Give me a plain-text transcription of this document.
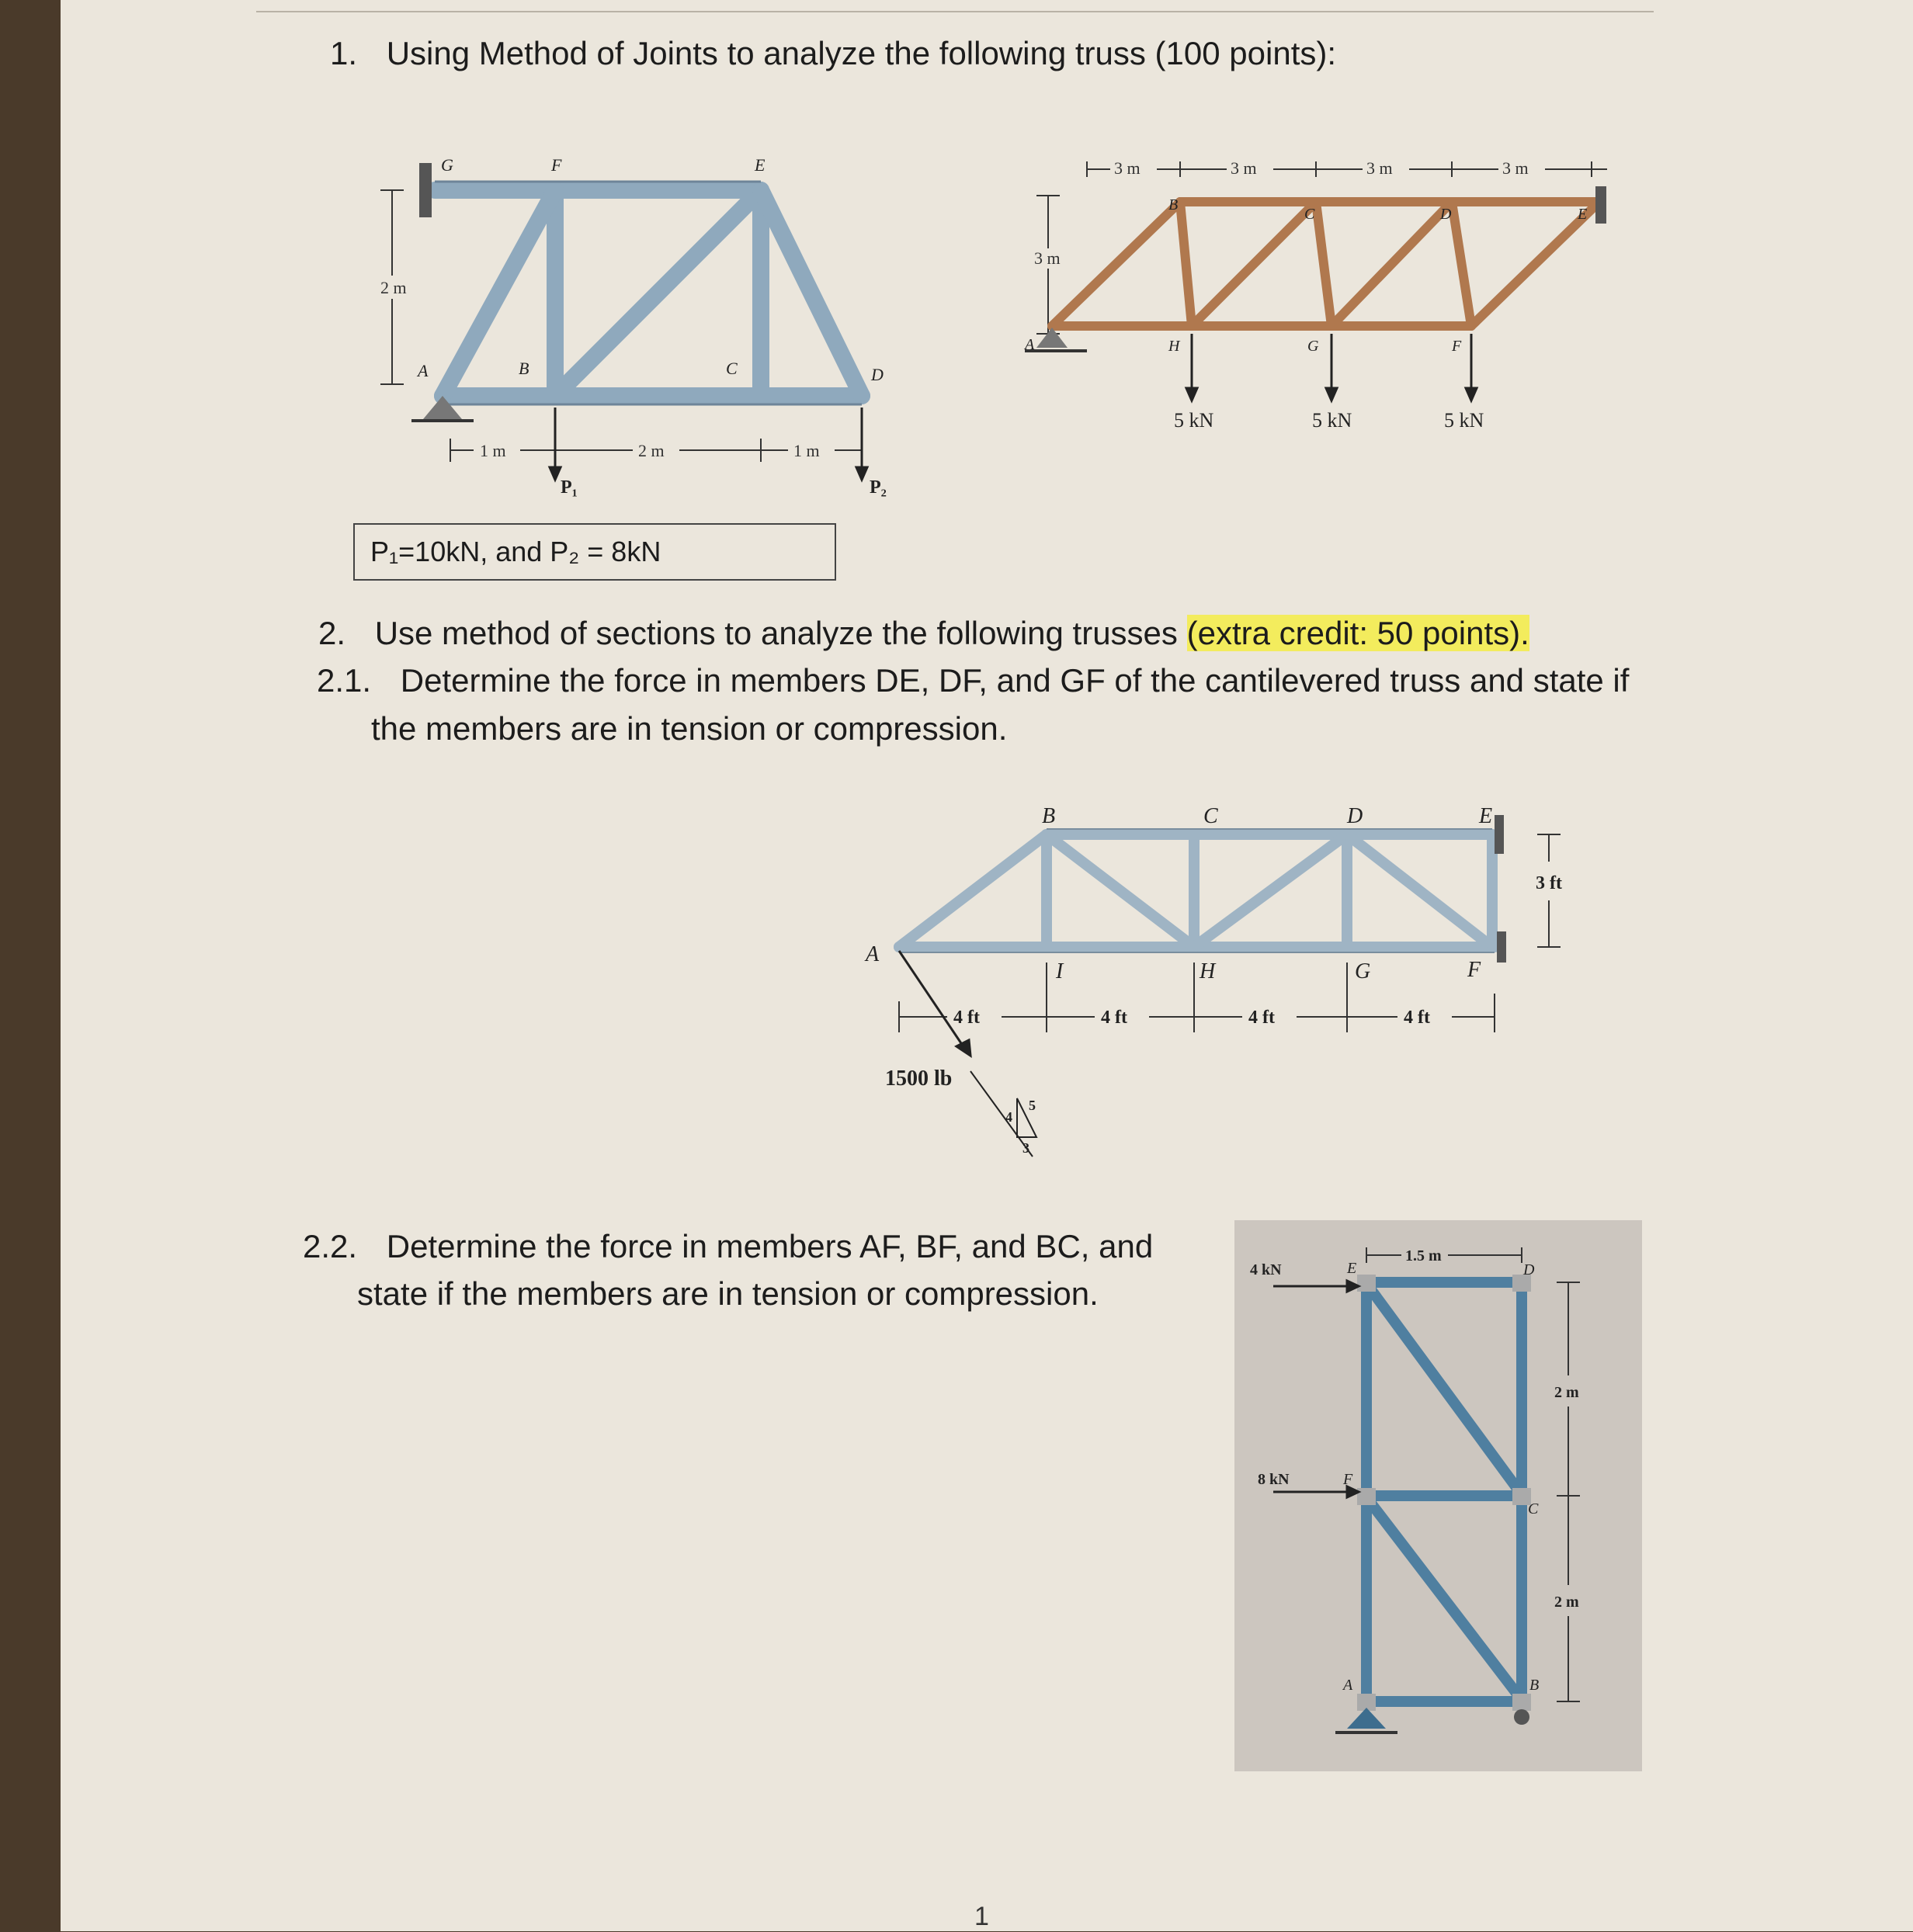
1. Using Method of Joints to analyze the following truss (100 points):
2 m
1 m	2 m	1 m
P₁	P₂
G	F	E
A	B	C	D
3 m	3 m	3 m	3 m
3 m
5 kN	5 kN	5 kN
B
C	D	E
A	H	G	F
P₁=10kN, and P₂ = 8kN
2. Use method of sections to analyze the following trusses (extra credit: 50 points).
2.1. Determine the force in members DE, DF, and GF of the cantilevered truss and state if
the members are in tension or compression.
3 ft
4 ft	4 ft	4 ft	4 ft
1500 lb
4
5
3
B	C	D	E
A
I	H	G	F
2.2. Determine the force in members AF, BF, and BC, and
state if the members are in tension or compression.
1.5 m
2 m
2 m
4 kN
8 kN
E	D
F
C
A	B
1
